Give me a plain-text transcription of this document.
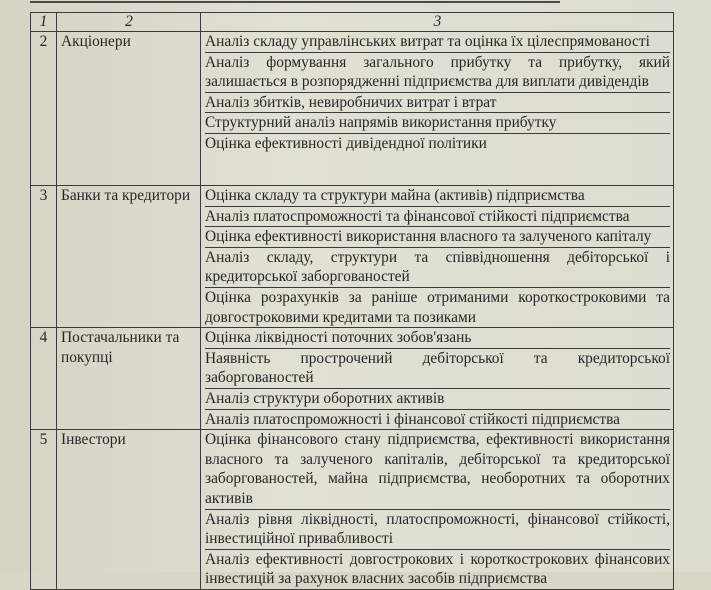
1	2	3
2	Акціонери	Аналіз складу управлінських витрат та оцінка їх цілеспрямованості
Аналіз формування загального прибутку та прибутку, який залишається в розпорядженні підприємства для виплати дивідендів
Аналіз збитків, невиробничих витрат і втрат
Структурний аналіз напрямів використання прибутку
Оцінка ефективності дивідендної політики

3	Банки та кредитори	Оцінка складу та структури майна (активів) підприємства
Аналіз платоспроможності та фінансової стійкості підприємства
Оцінка ефективності використання власного та залученого капіталу
Аналіз складу, структури та співвідношення дебіторської і кредиторської заборгованостей
Оцінка розрахунків за раніше отриманими короткостроковими та довгостроковими кредитами та позиками

4	Постачальники та покупці	Оцінка ліквідності поточних зобов'язань
Наявність прострочений дебіторської та кредиторської заборгованостей
Аналіз структури оборотних активів
Аналіз платоспроможності і фінансової стійкості підприємства

5	Інвестори	Оцінка фінансового стану підприємства, ефективності використання власного та залученого капіталів, дебіторської та кредиторської заборгованостей, майна підприємства, необоротних та оборотних активів
Аналіз рівня ліквідності, платоспроможності, фінансової стійкості, інвестиційної привабливості
Аналіз ефективності довгострокових і короткострокових фінансових інвестицій за рахунок власних засобів підприємства
